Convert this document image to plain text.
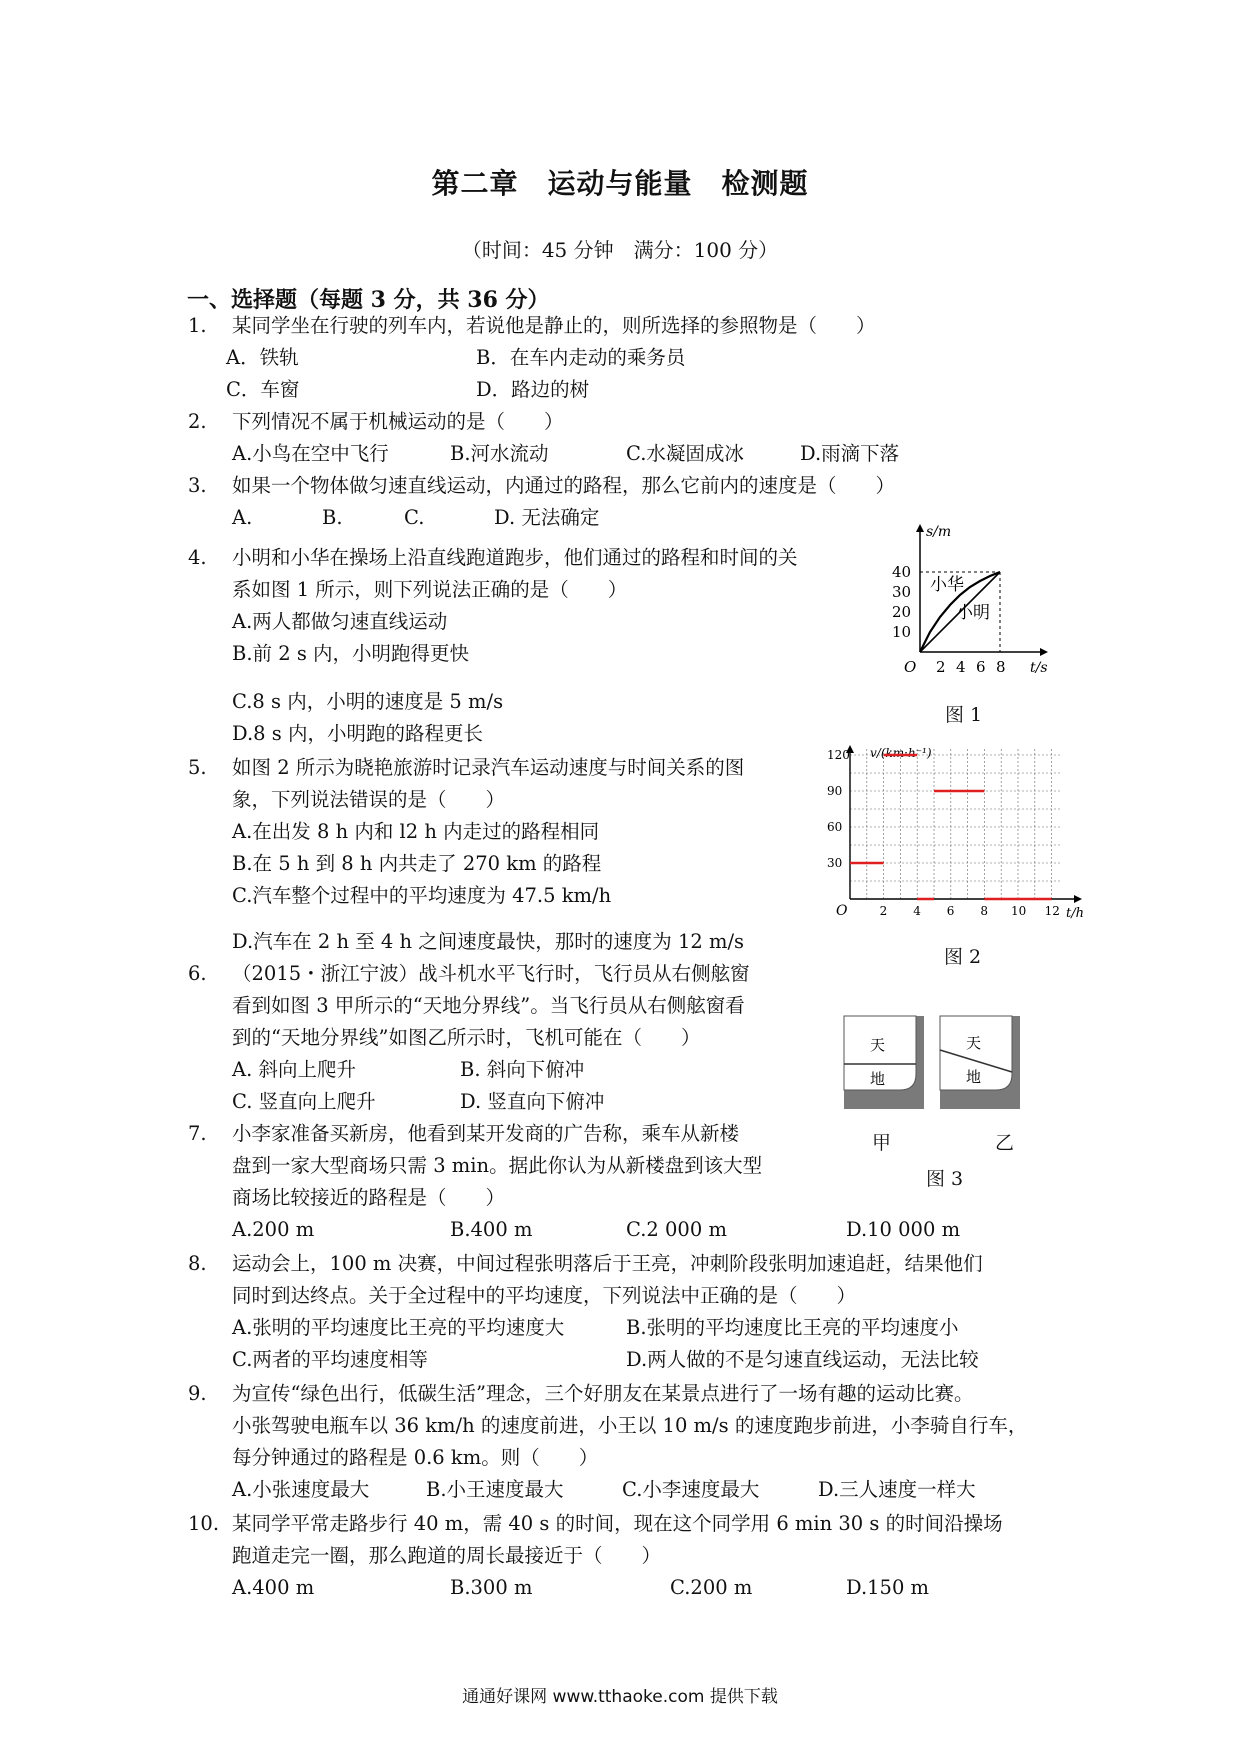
第二章　运动与能量　检测题
（时间：45 分钟　满分：100 分）
一、选择题（每题 3 分，共 36 分）
1. 某同学坐在行驶的列车内，若说他是静止的，则所选择的参照物是（　　）
A．铁轨	B．在车内走动的乘务员
C．车窗	D．路边的树
2. 下列情况不属于机械运动的是（　　）
A.小鸟在空中飞行	B.河水流动	C.水凝固成冰	D.雨滴下落
3. 如果一个物体做匀速直线运动，内通过的路程，那么它前内的速度是（　　）
A.	B.	C.	D. 无法确定
4. 小明和小华在操场上沿直线跑道跑步，他们通过的路程和时间的关
系如图 1 所示，则下列说法正确的是（　　）
A.两人都做匀速直线运动
B.前 2 s 内，小明跑得更快
C.8 s 内，小明的速度是 5 m/s
D.8 s 内，小明跑的路程更长
5. 如图 2 所示为晓艳旅游时记录汽车运动速度与时间关系的图
象，下列说法错误的是（　　）
A.在出发 8 h 内和 l2 h 内走过的路程相同
B.在 5 h 到 8 h 内共走了 270 km 的路程
C.汽车整个过程中的平均速度为 47.5 km/h
D.汽车在 2 h 至 4 h 之间速度最快，那时的速度为 12 m/s
6. （2015・浙江宁波）战斗机水平飞行时，飞行员从右侧舷窗
看到如图 3 甲所示的“天地分界线”。当飞行员从右侧舷窗看
到的“天地分界线”如图乙所示时，飞机可能在（　　）
A. 斜向上爬升	B. 斜向下俯冲
C. 竖直向上爬升	D. 竖直向下俯冲
7. 小李家准备买新房，他看到某开发商的广告称，乘车从新楼
盘到一家大型商场只需 3 min。据此你认为从新楼盘到该大型
商场比较接近的路程是（　　）
A.200 m	B.400 m	C.2 000 m	D.10 000 m
8. 运动会上，100 m 决赛，中间过程张明落后于王亮，冲刺阶段张明加速追赶，结果他们
同时到达终点。关于全过程中的平均速度，下列说法中正确的是（　　）
A.张明的平均速度比王亮的平均速度大	B.张明的平均速度比王亮的平均速度小
C.两者的平均速度相等	D.两人做的不是匀速直线运动，无法比较
9. 为宣传“绿色出行，低碳生活”理念，三个好朋友在某景点进行了一场有趣的运动比赛。
小张驾驶电瓶车以 36 km/h 的速度前进，小王以 10 m/s 的速度跑步前进，小李骑自行车，
每分钟通过的路程是 0.6 km。则（　　）
A.小张速度最大	B.小王速度最大	C.小李速度最大	D.三人速度一样大
10. 某同学平常走路步行 40 m，需 40 s 的时间，现在这个同学用 6 min 30 s 的时间沿操场
跑道走完一圈，那么跑道的周长最接近于（　　）
A.400 m	B.300 m	C.200 m	D.150 m
s/m
t/s
O
10
20
30
40
2 4 6 8
小华
小明
图 1
v/(km·h⁻¹)
t/h
O
30
60
90
120
2 4 6 8 10 12
图 2
天
地
天
地
甲	乙
图 3
通通好课网 www.tthaoke.com 提供下载
